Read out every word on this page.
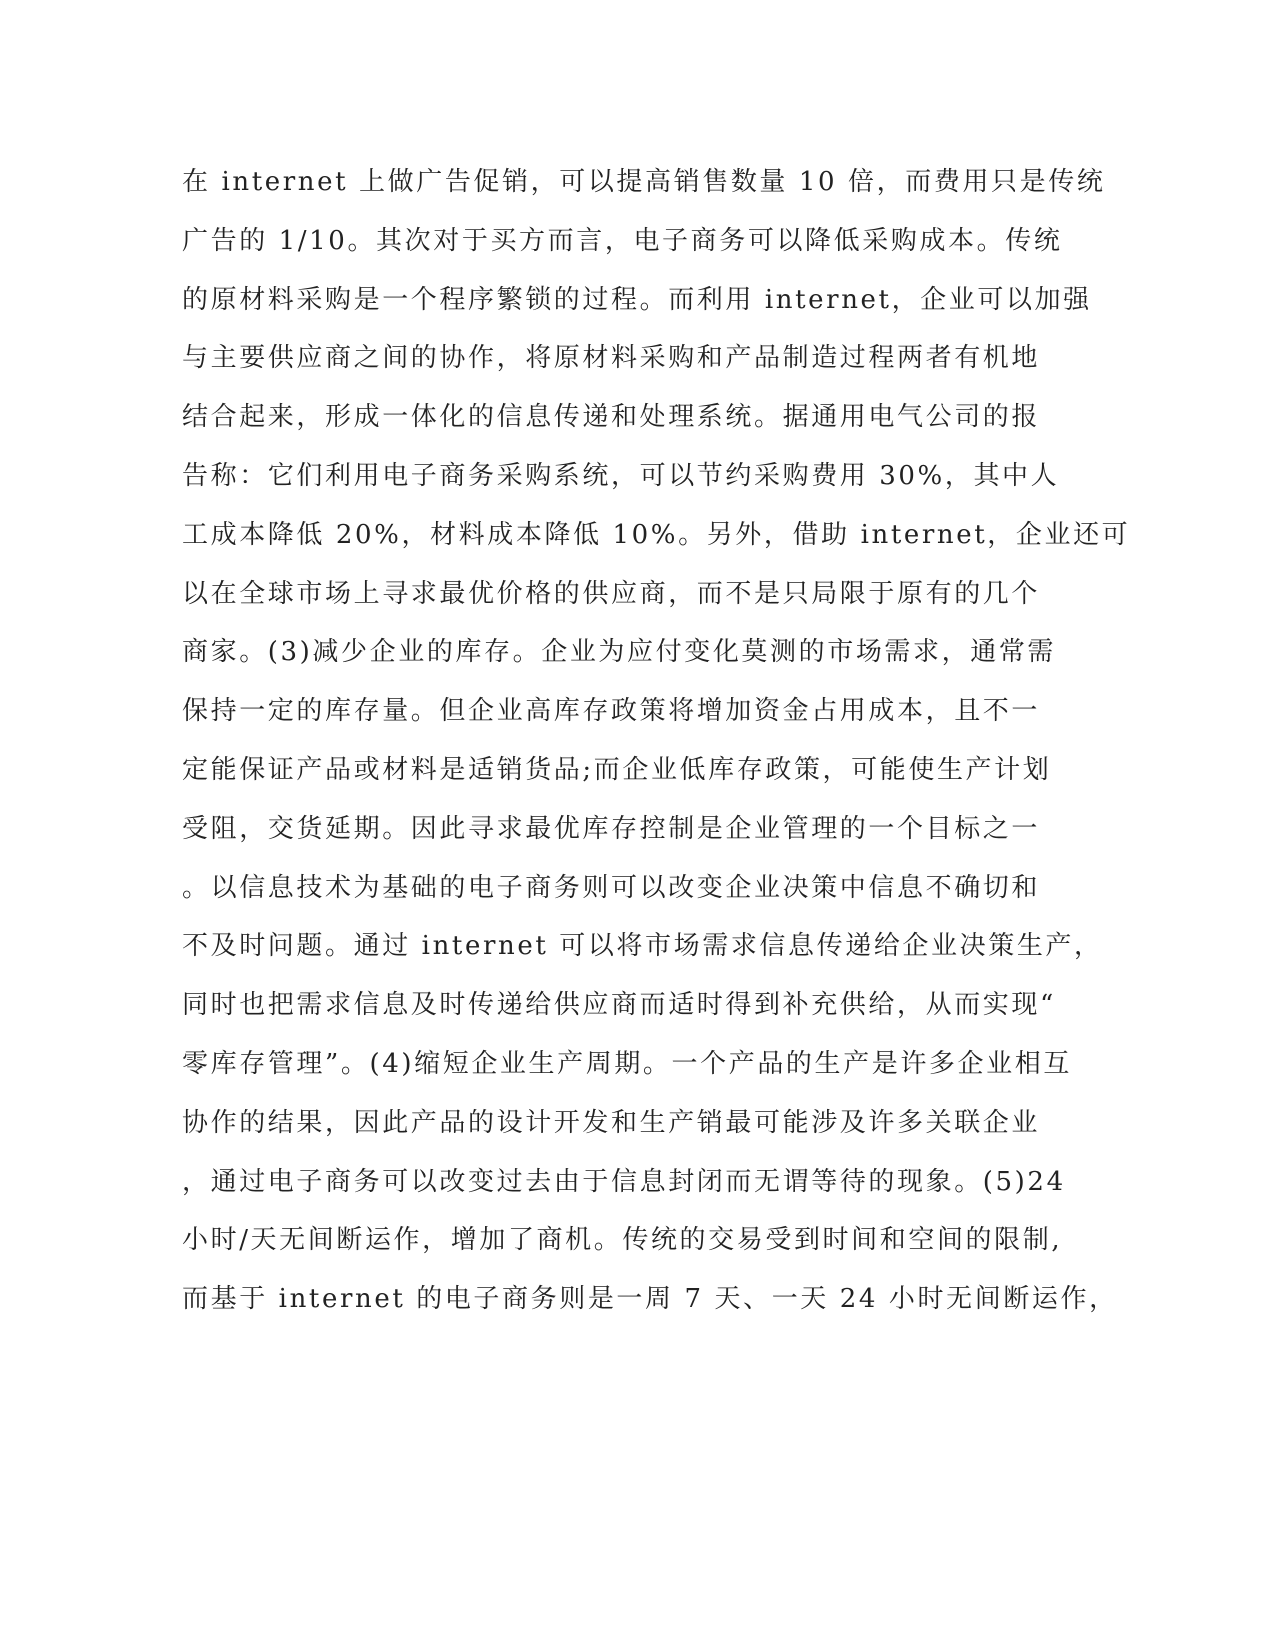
在 internet 上做广告促销，可以提高销售数量 10 倍，而费用只是传统
广告的 1/10。其次对于买方而言，电子商务可以降低采购成本。传统
的原材料采购是一个程序繁锁的过程。而利用 internet，企业可以加强
与主要供应商之间的协作，将原材料采购和产品制造过程两者有机地
结合起来，形成一体化的信息传递和处理系统。据通用电气公司的报
告称：它们利用电子商务采购系统，可以节约采购费用 30%，其中人
工成本降低 20%，材料成本降低 10%。另外，借助 internet，企业还可
以在全球市场上寻求最优价格的供应商，而不是只局限于原有的几个
商家。(3)减少企业的库存。企业为应付变化莫测的市场需求，通常需
保持一定的库存量。但企业高库存政策将增加资金占用成本，且不一
定能保证产品或材料是适销货品;而企业低库存政策，可能使生产计划
受阻，交货延期。因此寻求最优库存控制是企业管理的一个目标之一
。以信息技术为基础的电子商务则可以改变企业决策中信息不确切和
不及时问题。通过 internet 可以将市场需求信息传递给企业决策生产，
同时也把需求信息及时传递给供应商而适时得到补充供给，从而实现“
零库存管理”。(4)缩短企业生产周期。一个产品的生产是许多企业相互
协作的结果，因此产品的设计开发和生产销最可能涉及许多关联企业
，通过电子商务可以改变过去由于信息封闭而无谓等待的现象。(5)24
小时/天无间断运作，增加了商机。传统的交易受到时间和空间的限制,
而基于 internet 的电子商务则是一周 7 天、一天 24 小时无间断运作，
